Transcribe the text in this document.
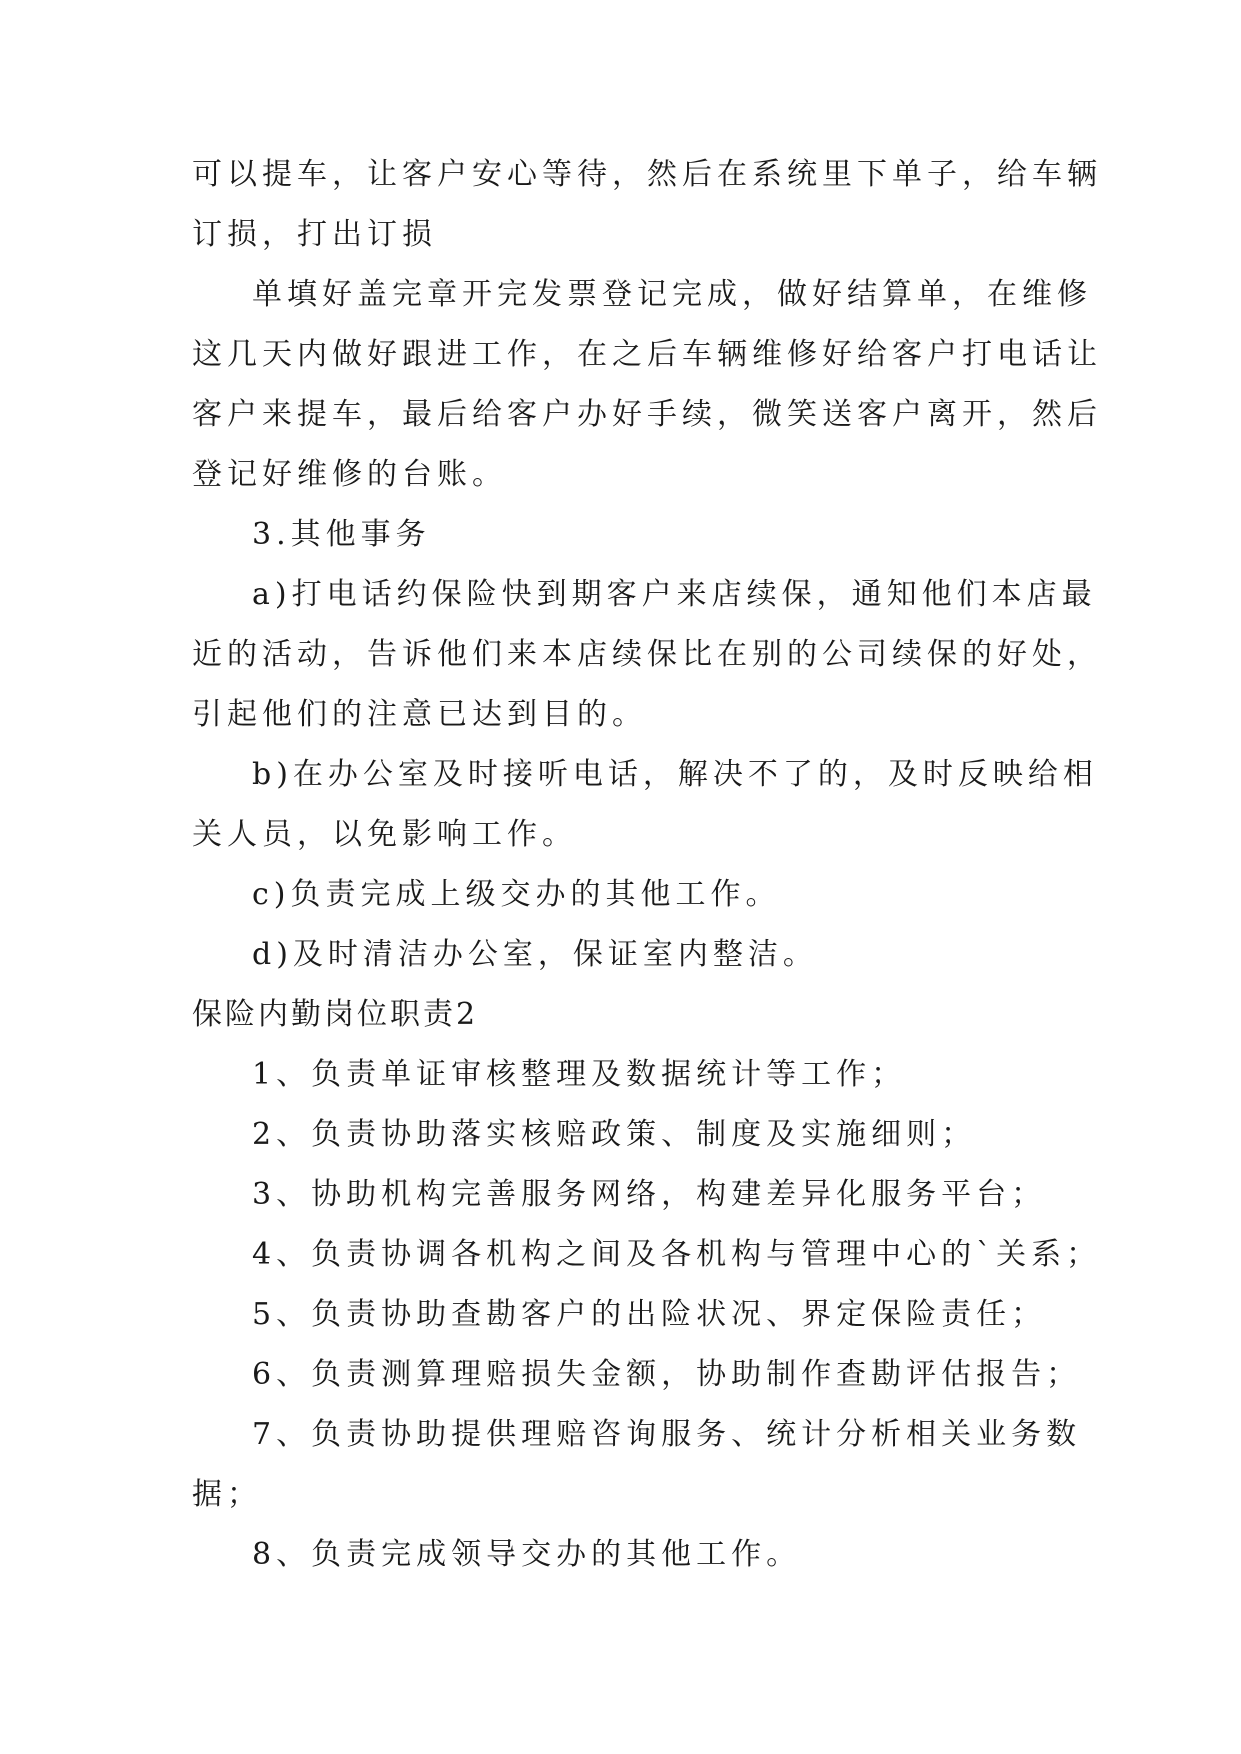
可以提车，让客户安心等待，然后在系统里下单子，给车辆
订损，打出订损
单填好盖完章开完发票登记完成，做好结算单，在维修
这几天内做好跟进工作，在之后车辆维修好给客户打电话让
客户来提车，最后给客户办好手续，微笑送客户离开，然后
登记好维修的台账。
3.其他事务
a)打电话约保险快到期客户来店续保，通知他们本店最
近的活动，告诉他们来本店续保比在别的公司续保的好处，
引起他们的注意已达到目的。
b)在办公室及时接听电话，解决不了的，及时反映给相
关人员，以免影响工作。
c)负责完成上级交办的其他工作。
d)及时清洁办公室，保证室内整洁。
保险内勤岗位职责2
1、负责单证审核整理及数据统计等工作；
2、负责协助落实核赔政策、制度及实施细则；
3、协助机构完善服务网络，构建差异化服务平台；
4、负责协调各机构之间及各机构与管理中心的`关系；
5、负责协助查勘客户的出险状况、界定保险责任；
6、负责测算理赔损失金额，协助制作查勘评估报告；
7、负责协助提供理赔咨询服务、统计分析相关业务数
据；
8、负责完成领导交办的其他工作。
